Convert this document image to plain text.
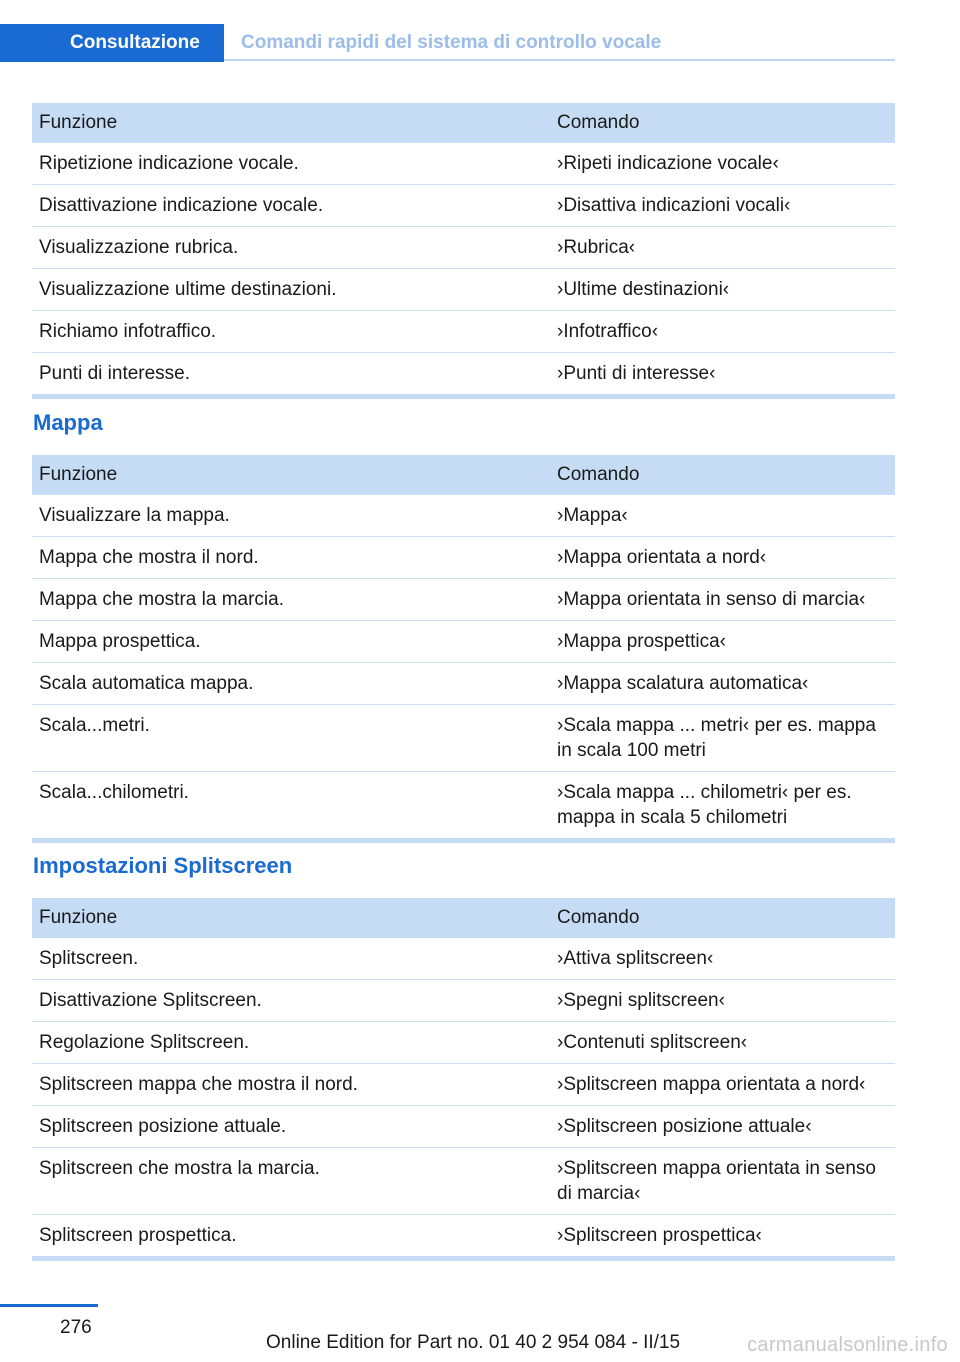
Consultazione	Comandi rapidi del sistema di controllo vocale
Funzione	Comando
Ripetizione indicazione vocale.	›Ripeti indicazione vocale‹
Disattivazione indicazione vocale.	›Disattiva indicazioni vocali‹
Visualizzazione rubrica.	›Rubrica‹
Visualizzazione ultime destinazioni.	›Ultime destinazioni‹
Richiamo infotraffico.	›Infotraffico‹
Punti di interesse.	›Punti di interesse‹
Mappa
Funzione	Comando
Visualizzare la mappa.	›Mappa‹
Mappa che mostra il nord.	›Mappa orientata a nord‹
Mappa che mostra la marcia.	›Mappa orientata in senso di marcia‹
Mappa prospettica.	›Mappa prospettica‹
Scala automatica mappa.	›Mappa scalatura automatica‹
Scala...metri.	›Scala mappa ... metri‹ per es. mappa in scala 100 metri
Scala...chilometri.	›Scala mappa ... chilometri‹ per es. mappa in scala 5 chilometri
Impostazioni Splitscreen
Funzione	Comando
Splitscreen.	›Attiva splitscreen‹
Disattivazione Splitscreen.	›Spegni splitscreen‹
Regolazione Splitscreen.	›Contenuti splitscreen‹
Splitscreen mappa che mostra il nord.	›Splitscreen mappa orientata a nord‹
Splitscreen posizione attuale.	›Splitscreen posizione attuale‹
Splitscreen che mostra la marcia.	›Splitscreen mappa orientata in senso di marcia‹
Splitscreen prospettica.	›Splitscreen prospettica‹
276
Online Edition for Part no. 01 40 2 954 084 - II/15	carmanualsonline.info
